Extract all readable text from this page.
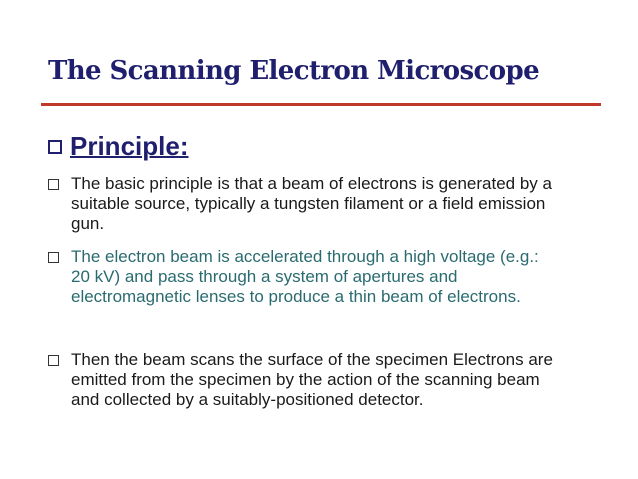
The Scanning Electron Microscope
Principle:
The basic principle is that a beam of electrons is generated by a suitable source, typically a tungsten filament or a field emission gun.
The electron beam is accelerated through a high voltage (e.g.: 20 kV) and pass through a system of apertures and electromagnetic lenses to produce a thin beam of electrons.
Then the beam scans the surface of the specimen Electrons are emitted from the specimen by the action of the scanning beam and collected by a suitably-positioned detector.
